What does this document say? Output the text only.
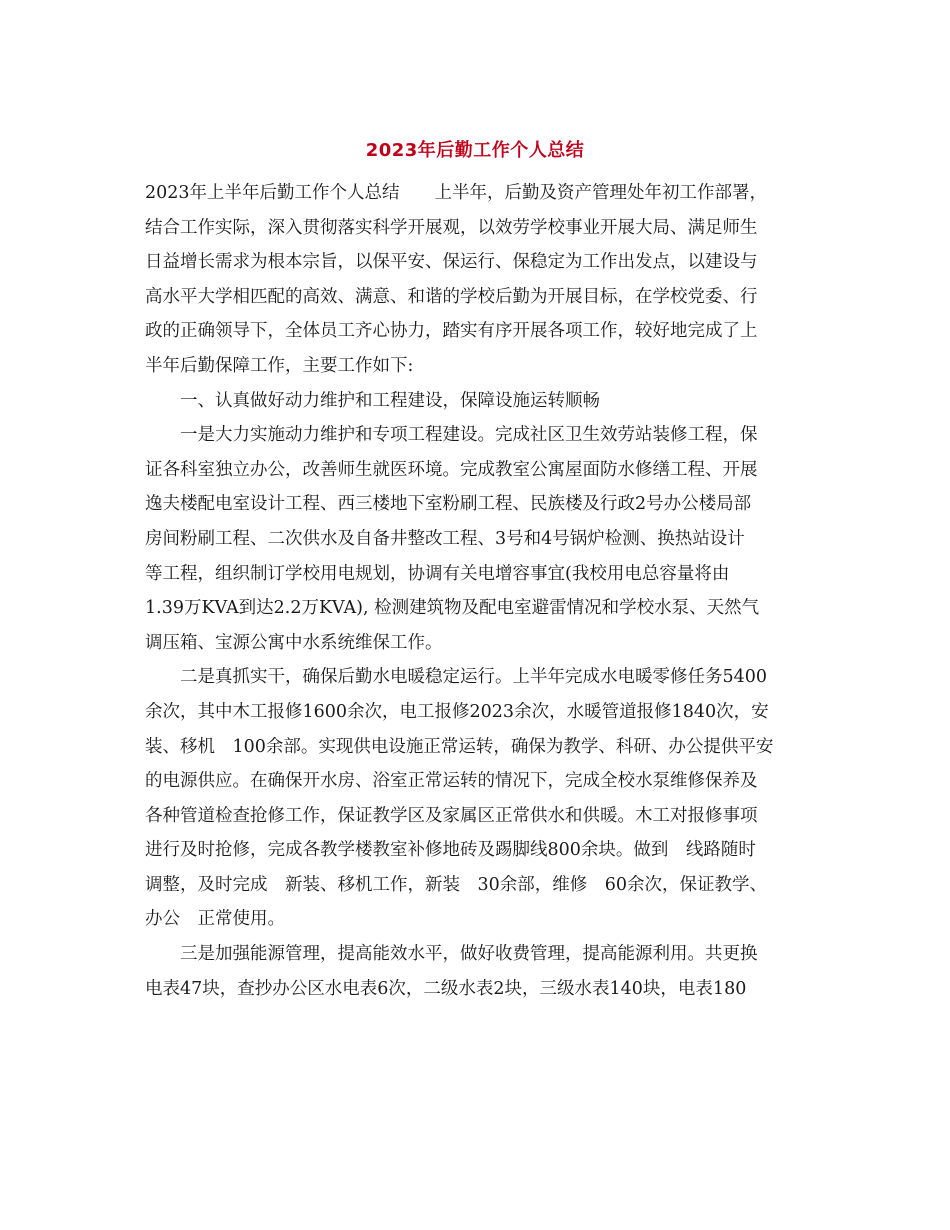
2023年后勤工作个人总结
2023年上半年后勤工作个人总结　　上半年，后勤及资产管理处年初工作部署，
结合工作实际，深入贯彻落实科学开展观，以效劳学校事业开展大局、满足师生
日益增长需求为根本宗旨，以保平安、保运行、保稳定为工作出发点，以建设与
高水平大学相匹配的高效、满意、和谐的学校后勤为开展目标，在学校党委、行
政的正确领导下，全体员工齐心协力，踏实有序开展各项工作，较好地完成了上
半年后勤保障工作，主要工作如下:
　　一、认真做好动力维护和工程建设，保障设施运转顺畅
　　一是大力实施动力维护和专项工程建设。完成社区卫生效劳站装修工程，保
证各科室独立办公，改善师生就医环境。完成教室公寓屋面防水修缮工程、开展
逸夫楼配电室设计工程、西三楼地下室粉刷工程、民族楼及行政2号办公楼局部
房间粉刷工程、二次供水及自备井整改工程、3号和4号锅炉检测、换热站设计
等工程，组织制订学校用电规划，协调有关电增容事宜(我校用电总容量将由
1.39万KVA到达2.2万KVA), 检测建筑物及配电室避雷情况和学校水泵、天然气
调压箱、宝源公寓中水系统维保工作。
　　二是真抓实干，确保后勤水电暖稳定运行。上半年完成水电暖零修任务5400
余次，其中木工报修1600余次，电工报修2023余次，水暖管道报修1840次，安
装、移机　100余部。实现供电设施正常运转，确保为教学、科研、办公提供平安
的电源供应。在确保开水房、浴室正常运转的情况下，完成全校水泵维修保养及
各种管道检查抢修工作，保证教学区及家属区正常供水和供暖。木工对报修事项
进行及时抢修，完成各教学楼教室补修地砖及踢脚线800余块。做到　线路随时
调整，及时完成　新装、移机工作，新装　30余部，维修　60余次，保证教学、
办公　正常使用。
　　三是加强能源管理，提高能效水平，做好收费管理，提高能源利用。共更换
电表47块，查抄办公区水电表6次，二级水表2块，三级水表140块，电表180
